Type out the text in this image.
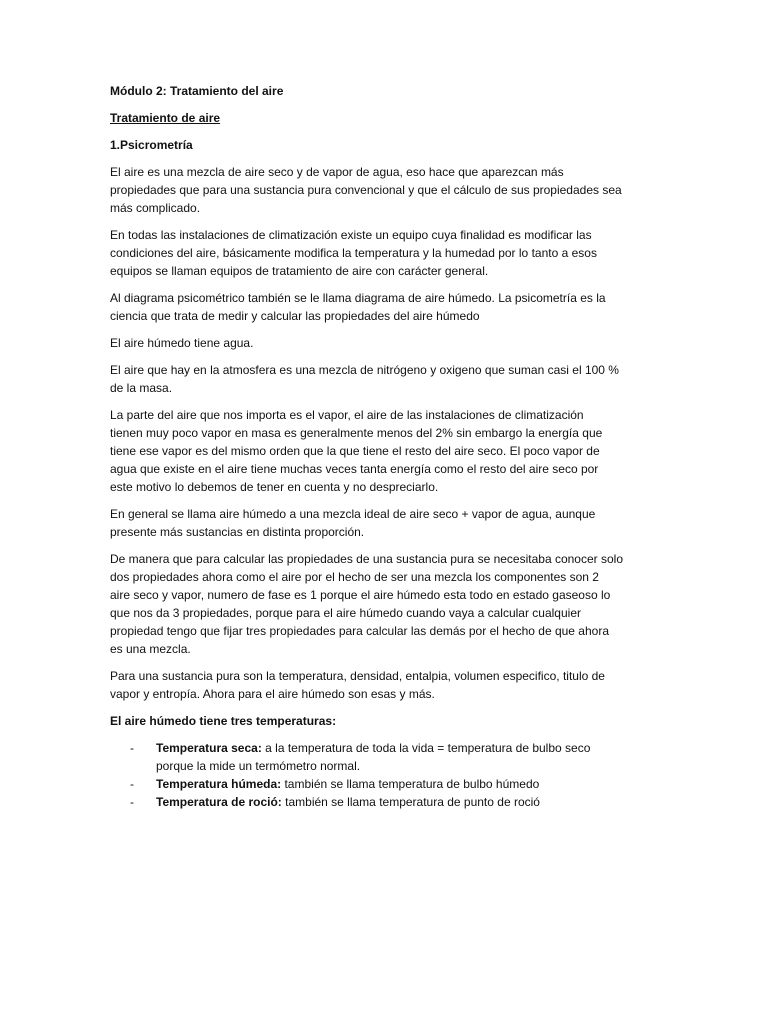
Módulo 2: Tratamiento del aire
Tratamiento de aire
1.Psicrometría
El aire es una mezcla de aire seco y de vapor de agua, eso hace que aparezcan más
propiedades que para una sustancia pura convencional y que el cálculo de sus propiedades sea
más complicado.
En todas las instalaciones de climatización existe un equipo cuya finalidad es modificar las
condiciones del aire, básicamente modifica la temperatura y la humedad por lo tanto a esos
equipos se llaman equipos de tratamiento de aire con carácter general.
Al diagrama psicométrico también se le llama diagrama de aire húmedo. La psicometría es la
ciencia que trata de medir y calcular las propiedades del aire húmedo
El aire húmedo tiene agua.
El aire que hay en la atmosfera es una mezcla de nitrógeno y oxigeno que suman casi el 100 %
de la masa.
La parte del aire que nos importa es el vapor, el aire de las instalaciones de climatización
tienen muy poco vapor en masa es generalmente menos del 2% sin embargo la energía que
tiene ese vapor es del mismo orden que la que tiene el resto del aire seco. El poco vapor de
agua que existe en el aire tiene muchas veces tanta energía como el resto del aire seco por
este motivo lo debemos de tener en cuenta y no despreciarlo.
En general se llama aire húmedo a una mezcla ideal de aire seco + vapor de agua, aunque
presente más sustancias en distinta proporción.
De manera que para calcular las propiedades de una sustancia pura se necesitaba conocer solo
dos propiedades ahora como el aire por el hecho de ser una mezcla los componentes son 2
aire seco y vapor, numero de fase es 1 porque el aire húmedo esta todo en estado gaseoso lo
que nos da 3 propiedades, porque para el aire húmedo cuando vaya a calcular cualquier
propiedad tengo que fijar tres propiedades para calcular las demás por el hecho de que ahora
es una mezcla.
Para una sustancia pura son la temperatura, densidad, entalpia, volumen especifico, titulo de
vapor y entropía. Ahora para el aire húmedo son esas y más.
El aire húmedo tiene tres temperaturas:
- Temperatura seca: a la temperatura de toda la vida = temperatura de bulbo seco
porque la mide un termómetro normal.
- Temperatura húmeda: también se llama temperatura de bulbo húmedo
- Temperatura de roció: también se llama temperatura de punto de roció
